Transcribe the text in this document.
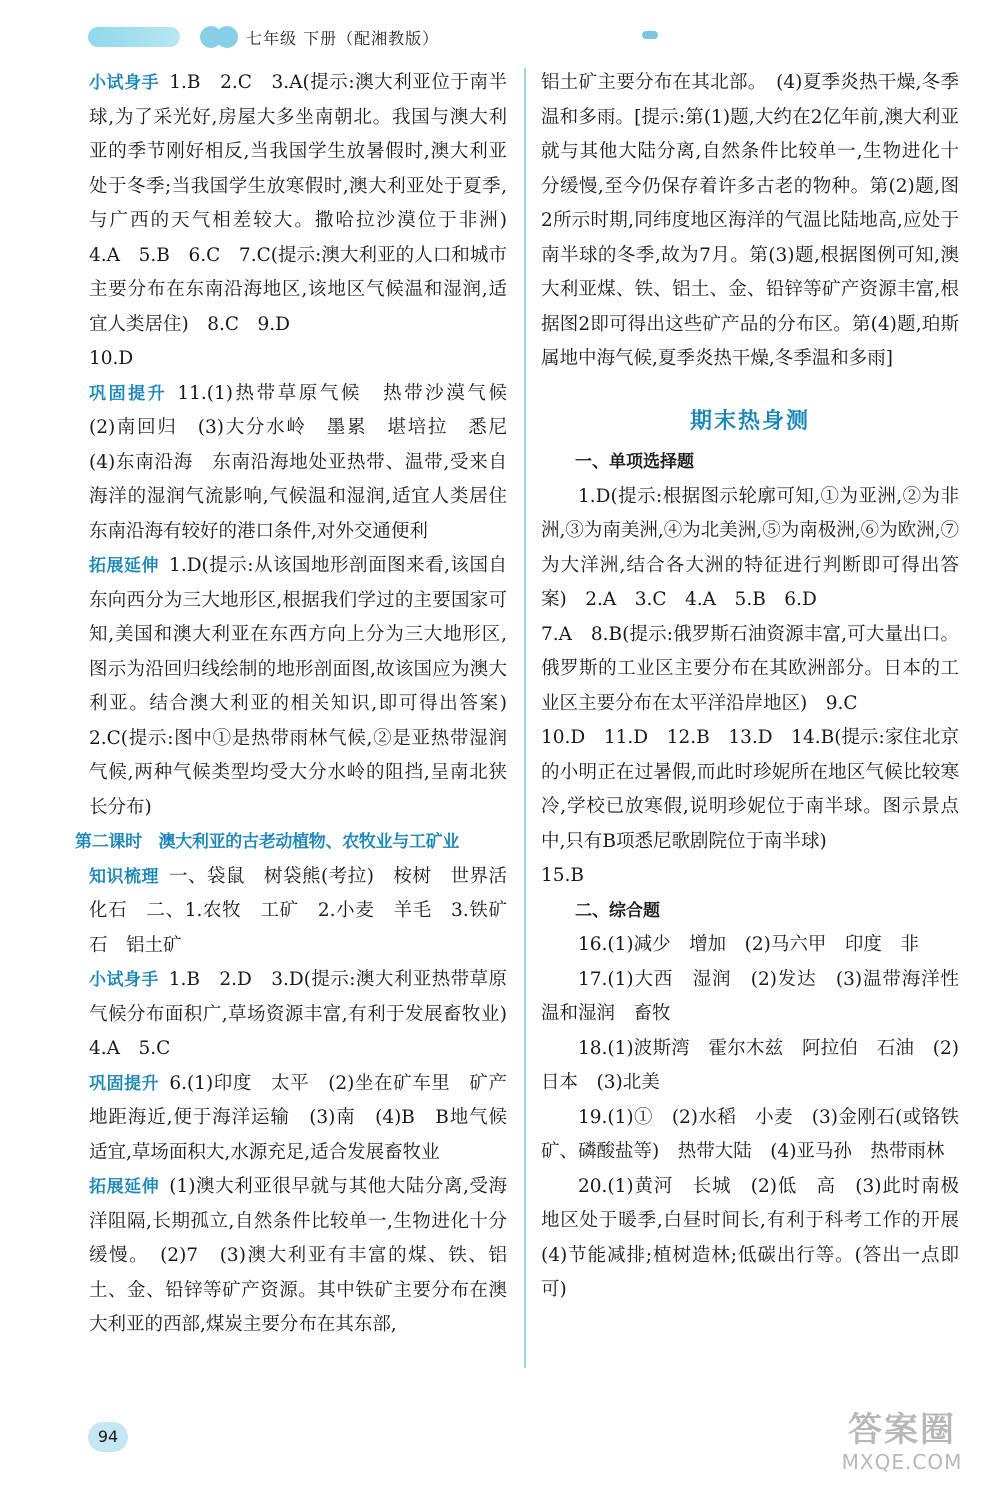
七年级 下册（配湘教版）

小试身手 1.B　2.C　3.A(提示:澳大利亚位于南半球,为了采光好,房屋大多坐南朝北。我国与澳大利亚的季节刚好相反,当我国学生放暑假时,澳大利亚处于冬季;当我国学生放寒假时,澳大利亚处于夏季,与广西的天气相差较大。撒哈拉沙漠位于非洲)　4.A　5.B　6.C　7.C(提示:澳大利亚的人口和城市主要分布在东南沿海地区,该地区气候温和湿润,适宜人类居住)　8.C　9.D

10.D

巩固提升 11.(1)热带草原气候　热带沙漠气候　(2)南回归　(3)大分水岭　墨累　堪培拉　悉尼　(4)东南沿海　东南沿海地处亚热带、温带,受来自海洋的湿润气流影响,气候温和湿润,适宜人类居住　东南沿海有较好的港口条件,对外交通便利

拓展延伸 1.D(提示:从该国地形剖面图来看,该国自东向西分为三大地形区,根据我们学过的主要国家可知,美国和澳大利亚在东西方向上分为三大地形区,图示为沿回归线绘制的地形剖面图,故该国应为澳大利亚。结合澳大利亚的相关知识,即可得出答案)　2.C(提示:图中①是热带雨林气候,②是亚热带湿润气候,两种气候类型均受大分水岭的阻挡,呈南北狭长分布)

第二课时　澳大利亚的古老动植物、农牧业与工矿业

知识梳理 一、袋鼠　树袋熊(考拉)　桉树　世界活化石　二、1.农牧　工矿　2.小麦　羊毛　3.铁矿石　铝土矿

小试身手 1.B　2.D　3.D(提示:澳大利亚热带草原气候分布面积广,草场资源丰富,有利于发展畜牧业)　4.A　5.C

巩固提升 6.(1)印度　太平　(2)坐在矿车里　矿产地距海近,便于海洋运输　(3)南　(4)B　B地气候适宜,草场面积大,水源充足,适合发展畜牧业

拓展延伸 (1)澳大利亚很早就与其他大陆分离,受海洋阻隔,长期孤立,自然条件比较单一,生物进化十分缓慢。　(2)7　(3)澳大利亚有丰富的煤、铁、铝土、金、铅锌等矿产资源。其中铁矿主要分布在澳大利亚的西部,煤炭主要分布在其东部,

铝土矿主要分布在其北部。　(4)夏季炎热干燥,冬季温和多雨。[提示:第(1)题,大约在2亿年前,澳大利亚就与其他大陆分离,自然条件比较单一,生物进化十分缓慢,至今仍保存着许多古老的物种。第(2)题,图2所示时期,同纬度地区海洋的气温比陆地高,应处于南半球的冬季,故为7月。第(3)题,根据图例可知,澳大利亚煤、铁、铝土、金、铅锌等矿产资源丰富,根据图2即可得出这些矿产品的分布区。第(4)题,珀斯属地中海气候,夏季炎热干燥,冬季温和多雨]

期末热身测

一、单项选择题

1.D(提示:根据图示轮廓可知,①为亚洲,②为非洲,③为南美洲,④为北美洲,⑤为南极洲,⑥为欧洲,⑦为大洋洲,结合各大洲的特征进行判断即可得出答案)　2.A　3.C　4.A　5.B　6.D

7.A　8.B(提示:俄罗斯石油资源丰富,可大量出口。俄罗斯的工业区主要分布在其欧洲部分。日本的工业区主要分布在太平洋沿岸地区)　9.C

10.D　11.D　12.B　13.D　14.B(提示:家住北京的小明正在过暑假,而此时珍妮所在地区气候比较寒冷,学校已放寒假,说明珍妮位于南半球。图示景点中,只有B项悉尼歌剧院位于南半球)

15.B

二、综合题

16.(1)减少　增加　(2)马六甲　印度　非

17.(1)大西　湿润　(2)发达　(3)温带海洋性　温和湿润　畜牧

18.(1)波斯湾　霍尔木兹　阿拉伯　石油　(2)日本　(3)北美

19.(1)①　(2)水稻　小麦　(3)金刚石(或铬铁矿、磷酸盐等)　热带大陆　(4)亚马孙　热带雨林

20.(1)黄河　长城　(2)低　高　(3)此时南极地区处于暖季,白昼时间长,有利于科考工作的开展　(4)节能减排;植树造林;低碳出行等。(答出一点即可)

94	答案圈
MXQE.COM
